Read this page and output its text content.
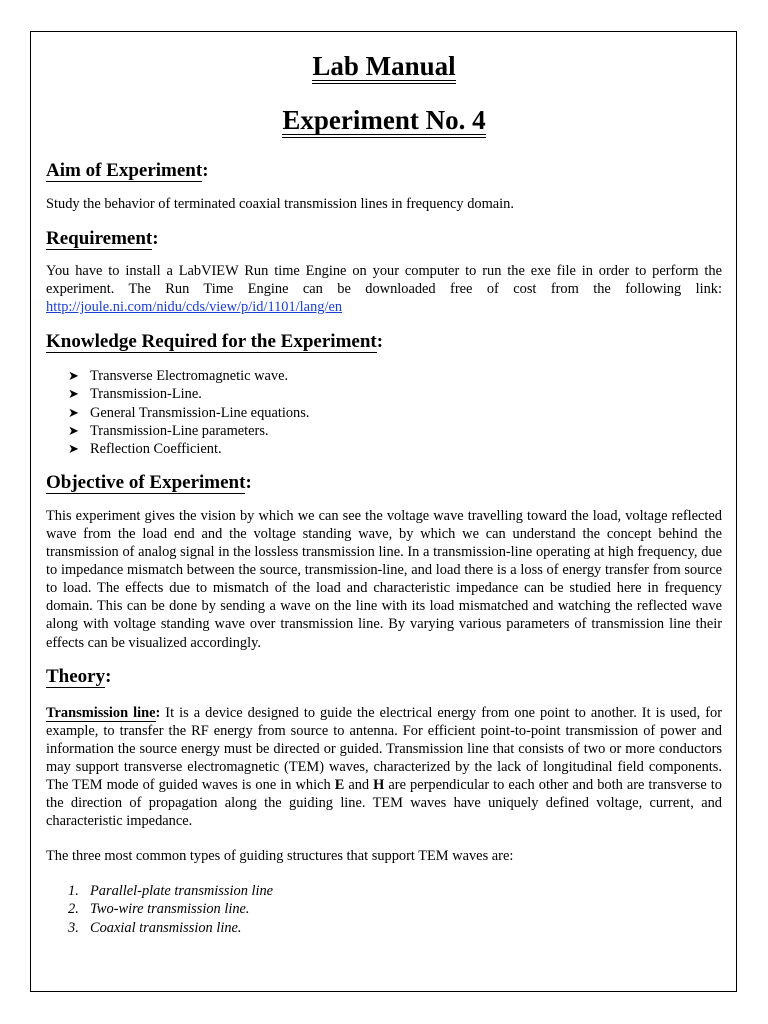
Lab Manual
Experiment No. 4
Aim of Experiment:

Study the behavior of terminated coaxial transmission lines in frequency domain.

Requirement:

You have to install a LabVIEW Run time Engine on your computer to run the exe file in order to perform the experiment. The Run Time Engine can be downloaded free of cost from the following link: http://joule.ni.com/nidu/cds/view/p/id/1101/lang/en

Knowledge Required for the Experiment:
➤ Transverse Electromagnetic wave.
➤ Transmission-Line.
➤ General Transmission-Line equations.
➤ Transmission-Line parameters.
➤ Reflection Coefficient.
Objective of Experiment:

This experiment gives the vision by which we can see the voltage wave travelling toward the load, voltage reflected wave from the load end and the voltage standing wave, by which we can understand the concept behind the transmission of analog signal in the lossless transmission line. In a transmission-line operating at high frequency, due to impedance mismatch between the source, transmission-line, and load there is a loss of energy transfer from source to load. The effects due to mismatch of the load and characteristic impedance can be studied here in frequency domain. This can be done by sending a wave on the line with its load mismatched and watching the reflected wave along with voltage standing wave over transmission line. By varying various parameters of transmission line their effects can be visualized accordingly.

Theory:

Transmission line: It is a device designed to guide the electrical energy from one point to another. It is used, for example, to transfer the RF energy from source to antenna. For efficient point-to-point transmission of power and information the source energy must be directed or guided. Transmission line that consists of two or more conductors may support transverse electromagnetic (TEM) waves, characterized by the lack of longitudinal field components. The TEM mode of guided waves is one in which E and H are perpendicular to each other and both are transverse to the direction of propagation along the guiding line. TEM waves have uniquely defined voltage, current, and characteristic impedance.

The three most common types of guiding structures that support TEM waves are:

1. Parallel-plate transmission line
2. Two-wire transmission line.
3. Coaxial transmission line.
